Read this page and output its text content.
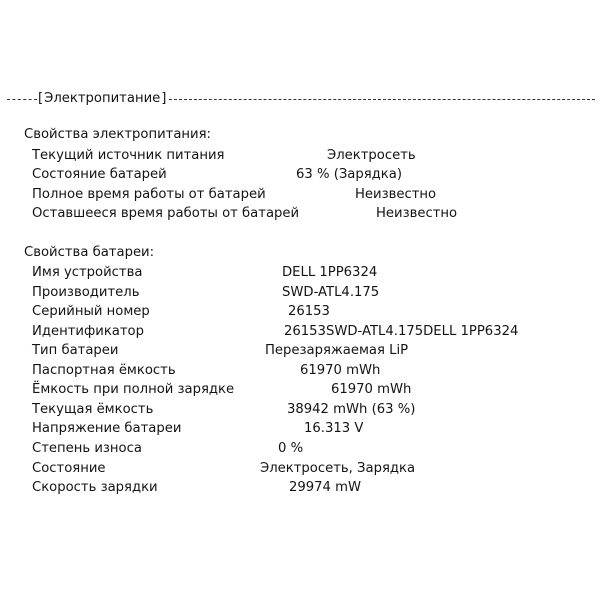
[ Электропитание ]
Свойства электропитания:
Текущий источник питания	Электросеть
Состояние батарей	63 % (Зарядка)
Полное время работы от батарей	Неизвестно
Оставшееся время работы от батарей	Неизвестно
Свойства батареи:
Имя устройства	DELL 1PP6324
Производитель	SWD-ATL4.175
Серийный номер	26153
Идентификатор	26153SWD-ATL4.175DELL 1PP6324
Тип батареи	Перезаряжаемая LiP
Паспортная ёмкость	61970 mWh
Ёмкость при полной зарядке	61970 mWh
Текущая ёмкость	38942 mWh (63 %)
Напряжение батареи	16.313 V
Степень износа	0 %
Состояние	Электросеть, Зарядка
Скорость зарядки	29974 mW
